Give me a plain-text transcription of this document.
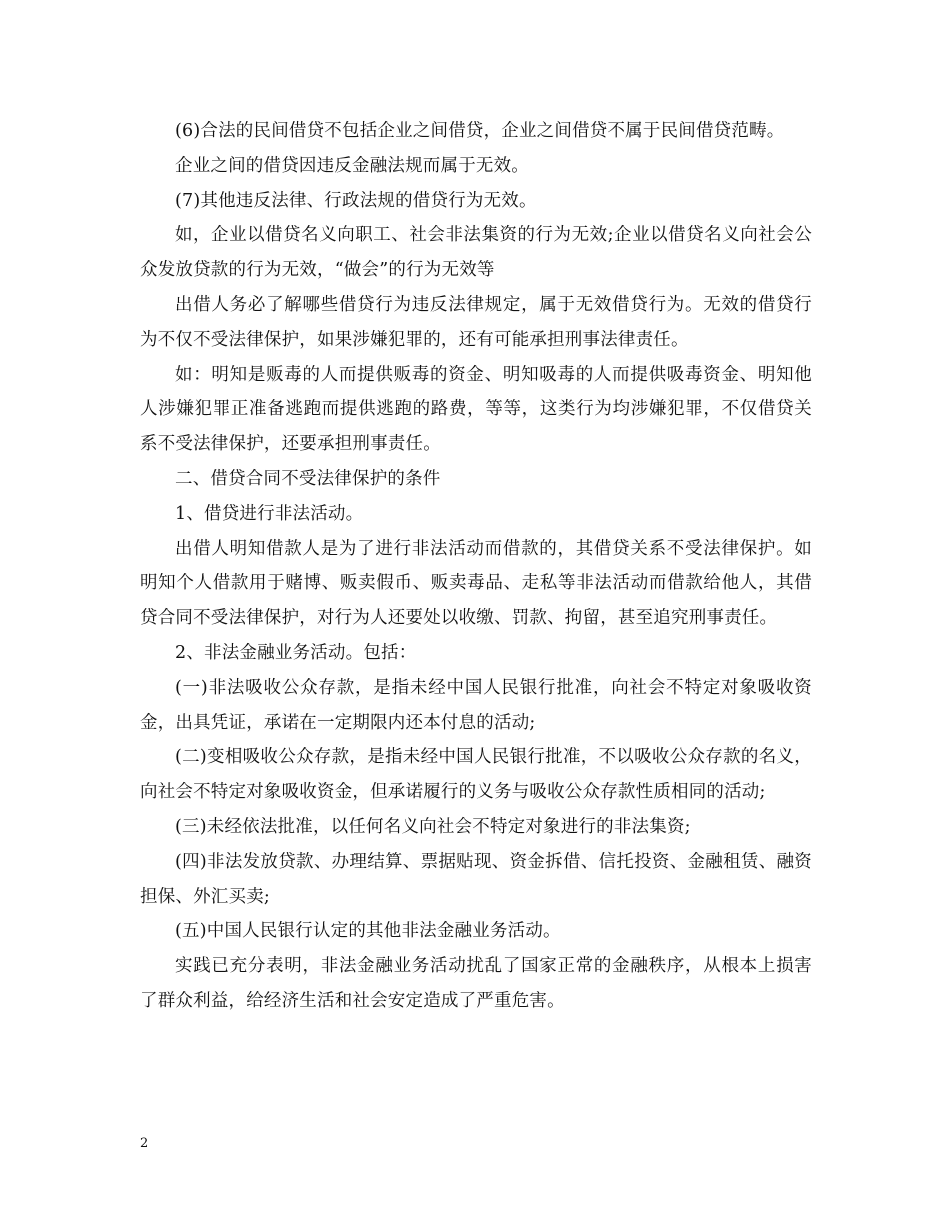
(6)合法的民间借贷不包括企业之间借贷，企业之间借贷不属于民间借贷范畴。

企业之间的借贷因违反金融法规而属于无效。

(7)其他违反法律、行政法规的借贷行为无效。

如，企业以借贷名义向职工、社会非法集资的行为无效;企业以借贷名义向社会公众发放贷款的行为无效，“做会”的行为无效等

出借人务必了解哪些借贷行为违反法律规定，属于无效借贷行为。无效的借贷行为不仅不受法律保护，如果涉嫌犯罪的，还有可能承担刑事法律责任。

如：明知是贩毒的人而提供贩毒的资金、明知吸毒的人而提供吸毒资金、明知他人涉嫌犯罪正准备逃跑而提供逃跑的路费，等等，这类行为均涉嫌犯罪，不仅借贷关系不受法律保护，还要承担刑事责任。

二、借贷合同不受法律保护的条件

1、借贷进行非法活动。

出借人明知借款人是为了进行非法活动而借款的，其借贷关系不受法律保护。如明知个人借款用于赌博、贩卖假币、贩卖毒品、走私等非法活动而借款给他人，其借贷合同不受法律保护，对行为人还要处以收缴、罚款、拘留，甚至追究刑事责任。

2、非法金融业务活动。包括：

(一)非法吸收公众存款，是指未经中国人民银行批准，向社会不特定对象吸收资金，出具凭证，承诺在一定期限内还本付息的活动;

(二)变相吸收公众存款，是指未经中国人民银行批准，不以吸收公众存款的名义，向社会不特定对象吸收资金，但承诺履行的义务与吸收公众存款性质相同的活动;

(三)未经依法批准，以任何名义向社会不特定对象进行的非法集资;

(四)非法发放贷款、办理结算、票据贴现、资金拆借、信托投资、金融租赁、融资担保、外汇买卖;

(五)中国人民银行认定的其他非法金融业务活动。

实践已充分表明，非法金融业务活动扰乱了国家正常的金融秩序，从根本上损害了群众利益，给经济生活和社会安定造成了严重危害。

2
